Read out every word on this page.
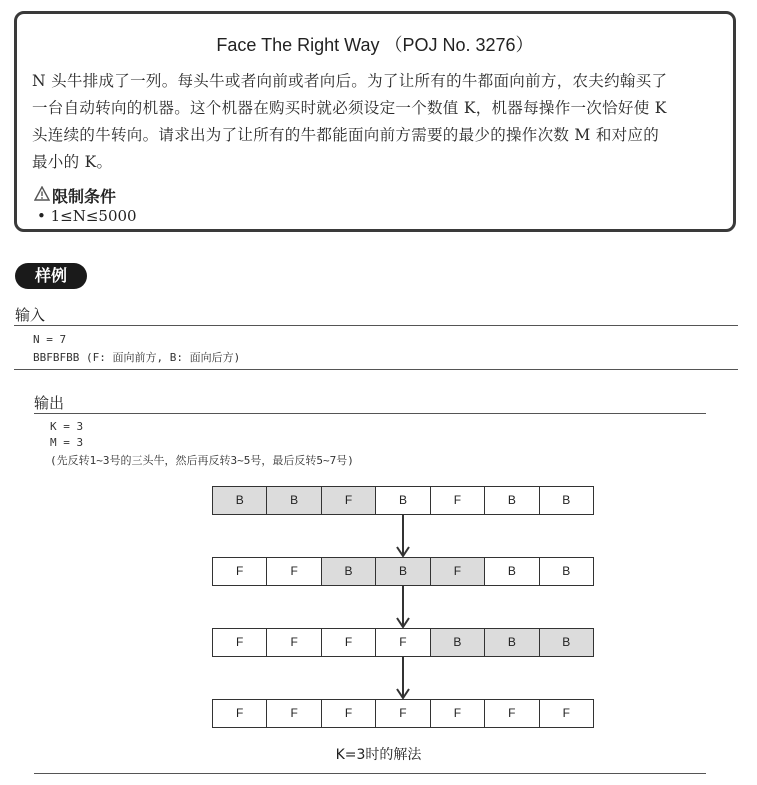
Face The Right Way （POJ No. 3276）
N 头牛排成了一列。每头牛或者向前或者向后。为了让所有的牛都面向前方，农夫约翰买了
一台自动转向的机器。这个机器在购买时就必须设定一个数值 K，机器每操作一次恰好使 K
头连续的牛转向。请求出为了让所有的牛都能面向前方需要的最少的操作次数 M 和对应的
最小的 K。
限制条件
• 1≤N≤5000
样例
输入
N = 7
BBFBFBB (F: 面向前方, B: 面向后方)
输出
K = 3
M = 3
(先反转1~3号的三头牛，然后再反转3~5号，最后反转5~7号)
B	B	F	B	F	B	B
F	F	B	B	F	B	B
F	F	F	F	B	B	B
F	F	F	F	F	F	F
K=3时的解法
